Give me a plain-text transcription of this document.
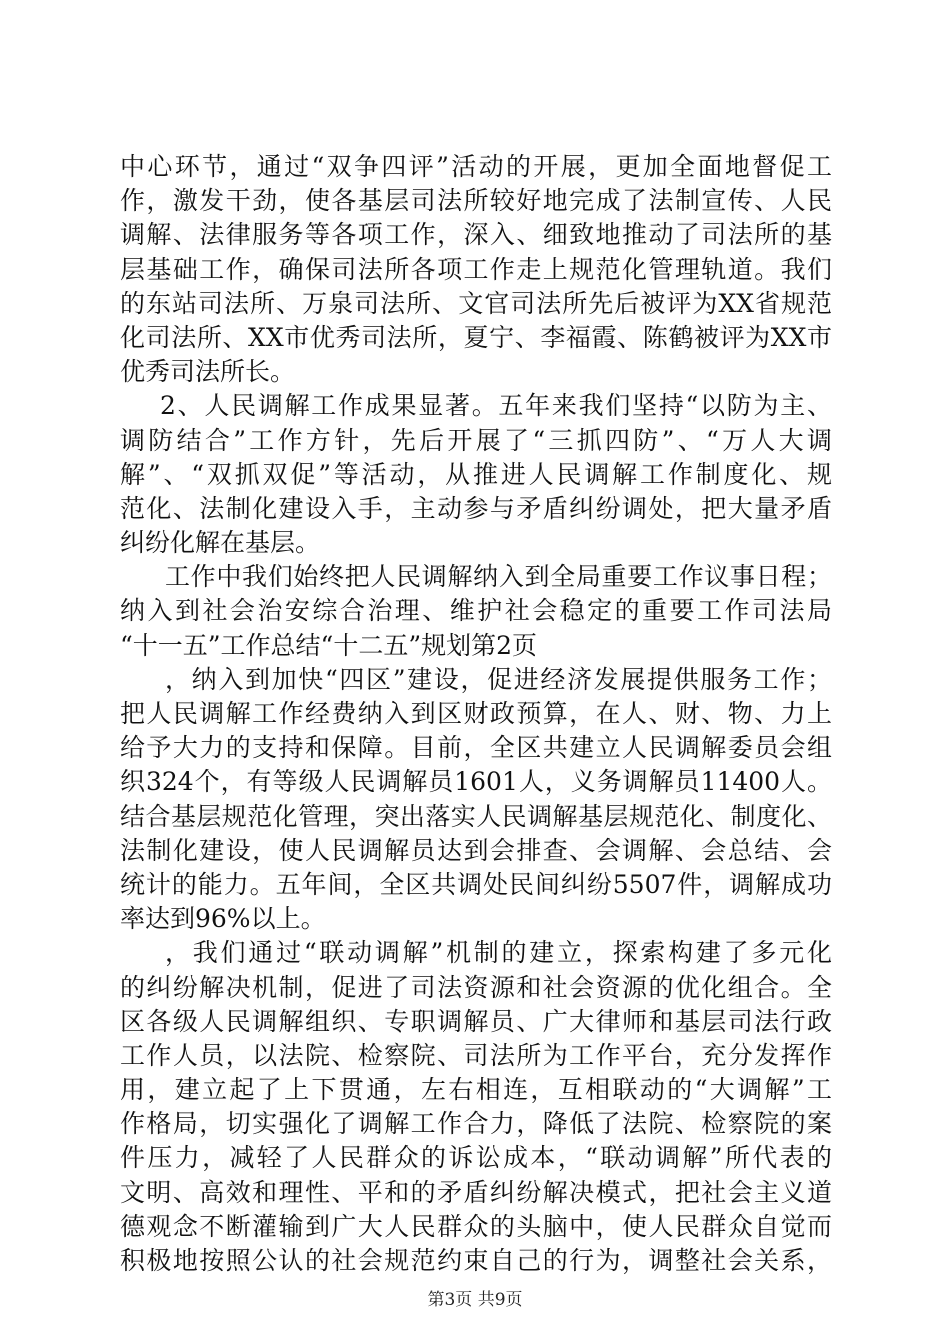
中心环节，通过“双争四评”活动的开展，更加全面地督促工
作，激发干劲，使各基层司法所较好地完成了法制宣传、人民
调解、法律服务等各项工作，深入、细致地推动了司法所的基
层基础工作，确保司法所各项工作走上规范化管理轨道。我们
的东站司法所、万泉司法所、文官司法所先后被评为XX省规范
化司法所、XX市优秀司法所，夏宁、李福霞、陈鹤被评为XX市
优秀司法所长。
2、人民调解工作成果显著。五年来我们坚持“以防为主、
调防结合”工作方针，先后开展了“三抓四防”、“万人大调
解”、“双抓双促”等活动，从推进人民调解工作制度化、规
范化、法制化建设入手，主动参与矛盾纠纷调处，把大量矛盾
纠纷化解在基层。
工作中我们始终把人民调解纳入到全局重要工作议事日程；
纳入到社会治安综合治理、维护社会稳定的重要工作司法局
“十一五”工作总结“十二五”规划第2页
，纳入到加快“四区”建设，促进经济发展提供服务工作；
把人民调解工作经费纳入到区财政预算，在人、财、物、力上
给予大力的支持和保障。目前，全区共建立人民调解委员会组
织324个，有等级人民调解员1601人，义务调解员11400人。
结合基层规范化管理，突出落实人民调解基层规范化、制度化、
法制化建设，使人民调解员达到会排查、会调解、会总结、会
统计的能力。五年间，全区共调处民间纠纷5507件，调解成功
率达到96%以上。
，我们通过“联动调解”机制的建立，探索构建了多元化
的纠纷解决机制，促进了司法资源和社会资源的优化组合。全
区各级人民调解组织、专职调解员、广大律师和基层司法行政
工作人员，以法院、检察院、司法所为工作平台，充分发挥作
用，建立起了上下贯通，左右相连，互相联动的“大调解”工
作格局，切实强化了调解工作合力，降低了法院、检察院的案
件压力，减轻了人民群众的诉讼成本，“联动调解”所代表的
文明、高效和理性、平和的矛盾纠纷解决模式，把社会主义道
德观念不断灌输到广大人民群众的头脑中，使人民群众自觉而
积极地按照公认的社会规范约束自己的行为，调整社会关系，
第3页 共9页
